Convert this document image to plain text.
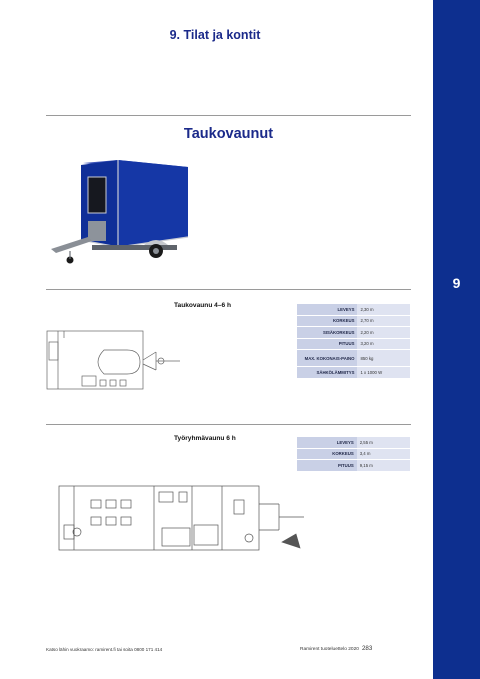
9. Tilat ja kontit
9
Taukovaunut
Taukovaunu 4–6 h
LEVEYS	2,30 m
KORKEUS	2,70 m
SISÄKORKEUS	2,20 m
PITUUS	3,20 m
MAX. KOKONAIS-PAINO	850 kg
SÄHKÖLÄMMITYS	1 x 1000 W
Työryhmävaunu 6 h
LEVEYS	2,55 m
KORKEUS	3,4 m
PITUUS	9,15 m
Katso lähin vuokraamo: ramirent.fi tai soita 0800 171 414	Ramirent tuoteluettelo 2020 283
